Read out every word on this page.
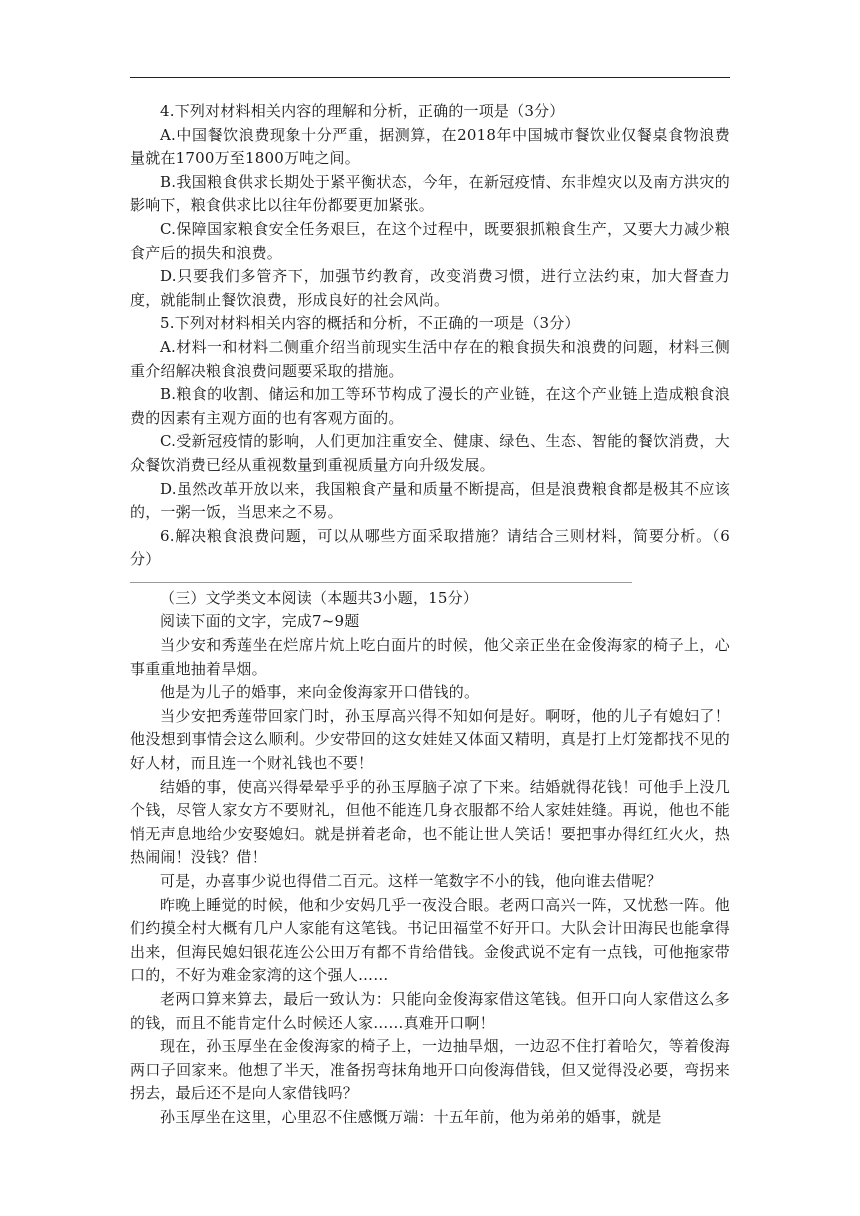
4.下列对材料相关内容的理解和分析，正确的一项是（3分）

A.中国餐饮浪费现象十分严重，据测算，在2018年中国城市餐饮业仅餐桌食物浪费量就在1700万至1800万吨之间。

B.我国粮食供求长期处于紧平衡状态，今年，在新冠疫情、东非煌灾以及南方洪灾的影响下，粮食供求比以往年份都要更加紧张。

C.保障国家粮食安全任务艰巨，在这个过程中，既要狠抓粮食生产，又要大力减少粮食产后的损失和浪费。

D.只要我们多管齐下，加强节约教育，改变消费习惯，进行立法约束，加大督查力度，就能制止餐饮浪费，形成良好的社会风尚。

5.下列对材料相关内容的概括和分析，不正确的一项是（3分）

A.材料一和材料二侧重介绍当前现实生活中存在的粮食损失和浪费的问题，材料三侧重介绍解决粮食浪费问题要采取的措施。

B.粮食的收割、储运和加工等环节构成了漫长的产业链，在这个产业链上造成粮食浪费的因素有主观方面的也有客观方面的。

C.受新冠疫情的影响，人们更加注重安全、健康、绿色、生态、智能的餐饮消费，大众餐饮消费已经从重视数量到重视质量方向升级发展。

D.虽然改革开放以来，我国粮食产量和质量不断提高，但是浪费粮食都是极其不应该的，一粥一饭，当思来之不易。

6.解决粮食浪费问题，可以从哪些方面采取措施？请结合三则材料，简要分析。（6分）

（三）文学类文本阅读（本题共3小题，15分）

阅读下面的文字，完成7~9题

当少安和秀莲坐在烂席片炕上吃白面片的时候，他父亲正坐在金俊海家的椅子上，心事重重地抽着旱烟。

他是为儿子的婚事，来向金俊海家开口借钱的。

当少安把秀莲带回家门时，孙玉厚高兴得不知如何是好。啊呀，他的儿子有媳妇了！他没想到事情会这么顺利。少安带回的这女娃娃又体面又精明，真是打上灯笼都找不见的好人材，而且连一个财礼钱也不要！

结婚的事，使高兴得晕晕乎乎的孙玉厚脑子凉了下来。结婚就得花钱！可他手上没几个钱，尽管人家女方不要财礼，但他不能连几身衣服都不给人家娃娃缝。再说，他也不能悄无声息地给少安娶媳妇。就是拼着老命，也不能让世人笑话！要把事办得红红火火，热热闹闹！没钱？借！

可是，办喜事少说也得借二百元。这样一笔数字不小的钱，他向谁去借呢？

昨晚上睡觉的时候，他和少安妈几乎一夜没合眼。老两口高兴一阵，又忧愁一阵。他们约摸全村大概有几户人家能有这笔钱。书记田福堂不好开口。大队会计田海民也能拿得出来，但海民媳妇银花连公公田万有都不肯给借钱。金俊武说不定有一点钱，可他拖家带口的，不好为难金家湾的这个强人……

老两口算来算去，最后一致认为：只能向金俊海家借这笔钱。但开口向人家借这么多的钱，而且不能肯定什么时候还人家……真难开口啊！

现在，孙玉厚坐在金俊海家的椅子上，一边抽旱烟，一边忍不住打着哈欠，等着俊海两口子回家来。他想了半天，准备拐弯抹角地开口向俊海借钱，但又觉得没必要，弯拐来拐去，最后还不是向人家借钱吗？

孙玉厚坐在这里，心里忍不住感慨万端：十五年前，他为弟弟的婚事，就是
